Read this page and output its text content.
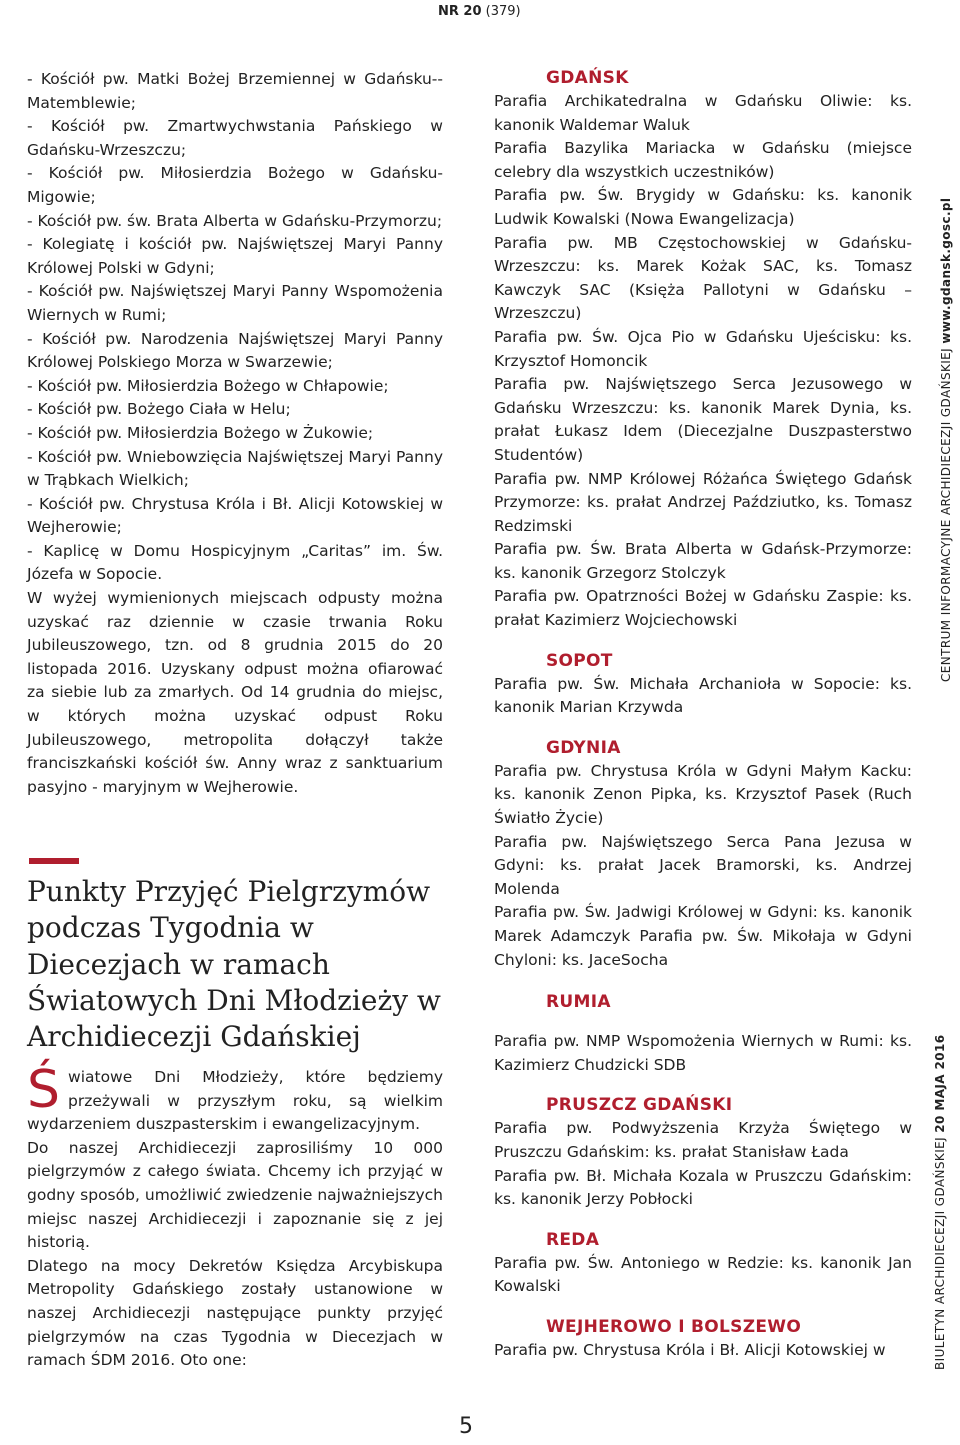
NR 20 (379)

- Kościół pw. Matki Bożej Brzemiennej w Gdańsku--Matemblewie;

- Kościół pw. Zmartwychwstania Pańskiego w Gdańsku-Wrzeszczu;

- Kościół pw. Miłosierdzia Bożego w Gdańsku-Migowie;

- Kościół pw. św. Brata Alberta w Gdańsku-Przymorzu;

- Kolegiatę i kościół pw. Najświętszej Maryi Panny Królowej Polski w Gdyni;

- Kościół pw. Najświętszej Maryi Panny Wspomożenia Wiernych w Rumi;

- Kościół pw. Narodzenia Najświętszej Maryi Panny Królowej Polskiego Morza w Swarzewie;

- Kościół pw. Miłosierdzia Bożego w Chłapowie;

- Kościół pw. Bożego Ciała w Helu;

- Kościół pw. Miłosierdzia Bożego w Żukowie;

- Kościół pw. Wniebowzięcia Najświętszej Maryi Panny w Trąbkach Wielkich;

- Kościół pw. Chrystusa Króla i Bł. Alicji Kotowskiej w Wejherowie;

- Kaplicę w Domu Hospicyjnym „Caritas” im. Św. Józefa w Sopocie.

W wyżej wymienionych miejscach odpusty można uzyskać raz dziennie w czasie trwania Roku Jubileuszowego, tzn. od 8 grudnia 2015 do 20 listopada 2016. Uzyskany odpust można ofiarować za siebie lub za zmarłych. Od 14 grudnia do miejsc, w których można uzyskać odpust Roku Jubileuszowego, metropolita dołączył także franciszkański kościół św. Anny wraz z sanktuarium pasyjno - maryjnym w Wejherowie.

Punkty Przyjęć Pielgrzymów podczas Tygodnia w Diecezjach w ramach Światowych Dni Młodzieży w Archidiecezji Gdańskiej

Światowe Dni Młodzieży, które będziemy przeżywali w przyszłym roku, są wielkim wydarzeniem duszpasterskim i ewangelizacyjnym.

Do naszej Archidiecezji zaprosiliśmy 10 000 pielgrzymów z całego świata. Chcemy ich przyjąć w godny sposób, umożliwić zwiedzenie najważniejszych miejsc naszej Archidiecezji i zapoznanie się z jej historią.

Dlatego na mocy Dekretów Księdza Arcybiskupa Metropolity Gdańskiego zostały ustanowione w naszej Archidiecezji następujące punkty przyjęć pielgrzymów na czas Tygodnia w Diecezjach w ramach ŚDM 2016. Oto one:

GDAŃSK

Parafia Archikatedralna w Gdańsku Oliwie: ks. kanonik Waldemar Waluk

Parafia Bazylika Mariacka w Gdańsku (miejsce celebry dla wszystkich uczestników)

Parafia pw. Św. Brygidy w Gdańsku: ks. kanonik Ludwik Kowalski (Nowa Ewangelizacja)

Parafia pw. MB Częstochowskiej w Gdańsku-Wrzeszczu: ks. Marek Kożak SAC, ks. Tomasz Kawczyk SAC (Księża Pallotyni w Gdańsku – Wrzeszczu)

Parafia pw. Św. Ojca Pio w Gdańsku Ujeścisku: ks. Krzysztof Homoncik

Parafia pw. Najświętszego Serca Jezusowego w Gdańsku Wrzeszczu: ks. kanonik Marek Dynia, ks. prałat Łukasz Idem (Diecezjalne Duszpasterstwo Studentów)

Parafia pw. NMP Królowej Różańca Świętego Gdańsk Przymorze: ks. prałat Andrzej Paździutko, ks. Tomasz Redzimski

Parafia pw. Św. Brata Alberta w Gdańsk-Przymorze: ks. kanonik Grzegorz Stolczyk

Parafia pw. Opatrzności Bożej w Gdańsku Zaspie: ks. prałat Kazimierz Wojciechowski

SOPOT

Parafia pw. Św. Michała Archanioła w Sopocie: ks. kanonik Marian Krzywda

GDYNIA

Parafia pw. Chrystusa Króla w Gdyni Małym Kacku: ks. kanonik Zenon Pipka, ks. Krzysztof Pasek (Ruch Światło Życie)

Parafia pw. Najświętszego Serca Pana Jezusa w Gdyni: ks. prałat Jacek Bramorski, ks. Andrzej Molenda

Parafia pw. Św. Jadwigi Królowej w Gdyni: ks. kanonik Marek Adamczyk Parafia pw. Św. Mikołaja w Gdyni Chyloni: ks. JaceSocha

RUMIA

Parafia pw. NMP Wspomożenia Wiernych w Rumi: ks. Kazimierz Chudzicki SDB

PRUSZCZ GDAŃSKI

Parafia pw. Podwyższenia Krzyża Świętego w Pruszczu Gdańskim: ks. prałat Stanisław Łada

Parafia pw. Bł. Michała Kozala w Pruszczu Gdańskim: ks. kanonik Jerzy Pobłocki

REDA

Parafia pw. Św. Antoniego w Redzie: ks. kanonik Jan Kowalski

WEJHEROWO I BOLSZEWO

Parafia pw. Chrystusa Króla i Bł. Alicji Kotowskiej w

CENTRUM INFORMACYJNE ARCHIDIECEZJI GDAŃSKIEJ www.gdansk.gosc.pl
BIULETYN ARCHIDIECEZJI GDAŃSKIEJ 20 MAJA 2016
5
